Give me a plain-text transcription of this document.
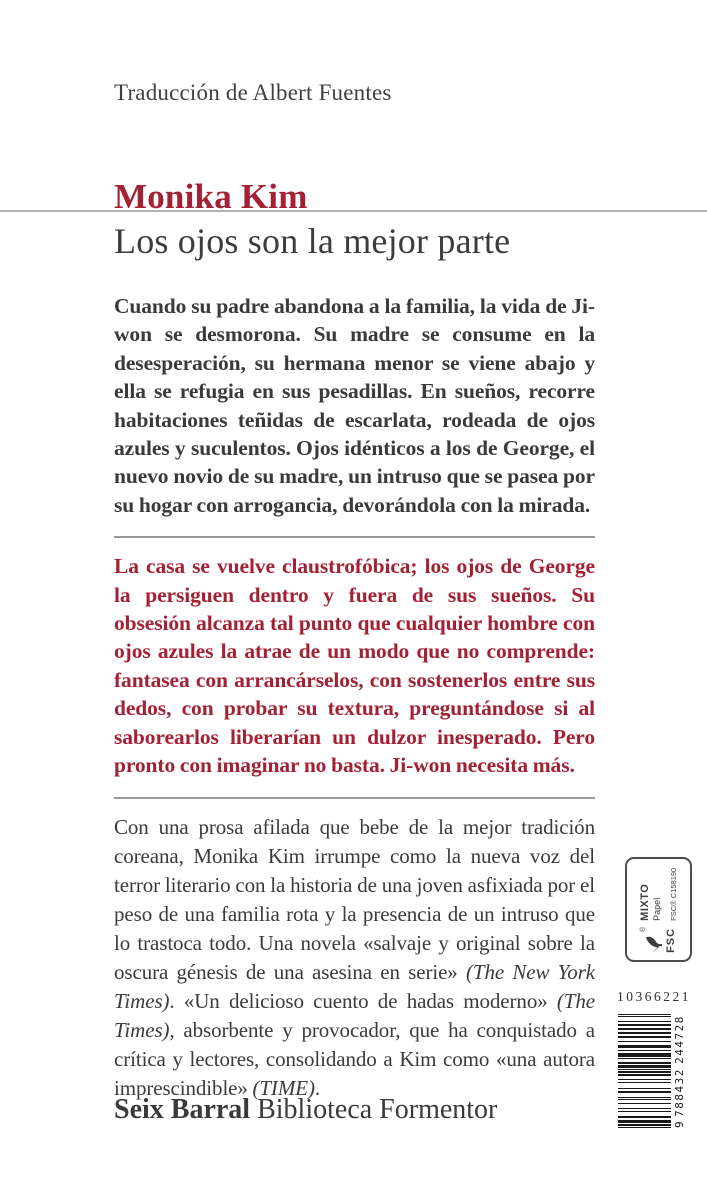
Traducción de Albert Fuentes
Monika Kim
Los ojos son la mejor parte

Cuando su padre abandona a la familia, la vida de Ji-won se desmorona. Su madre se consume en la desesperación, su hermana menor se viene abajo y ella se refugia en sus pesadillas. En sueños, recorre habitaciones teñidas de escarlata, rodeada de ojos azules y suculentos. Ojos idénticos a los de George, el nuevo novio de su madre, un intruso que se pasea por su hogar con arrogancia, devorándola con la mirada.

La casa se vuelve claustrofóbica; los ojos de George la persiguen dentro y fuera de sus sueños. Su obsesión alcanza tal punto que cualquier hombre con ojos azules la atrae de un modo que no comprende: fantasea con arrancárselos, con sostenerlos entre sus dedos, con probar su textura, preguntándose si al saborearlos liberarían un dulzor inesperado. Pero pronto con imaginar no basta. Ji-won necesita más.

Con una prosa afilada que bebe de la mejor tradición coreana, Monika Kim irrumpe como la nueva voz del terror literario con la historia de una joven asfixiada por el peso de una familia rota y la presencia de un intruso que lo trastoca todo. Una novela «salvaje y original sobre la oscura génesis de una asesina en serie» (The New York Times). «Un delicioso cuento de hadas moderno» (The Times), absorbente y provocador, que ha conquistado a crítica y lectores, consolidando a Kim como «una autora imprescindible» (TIME).

Seix Barral Biblioteca Formentor
® FSC
MIXTO Papel FSC® C158190
10366221
9
788432
244728
